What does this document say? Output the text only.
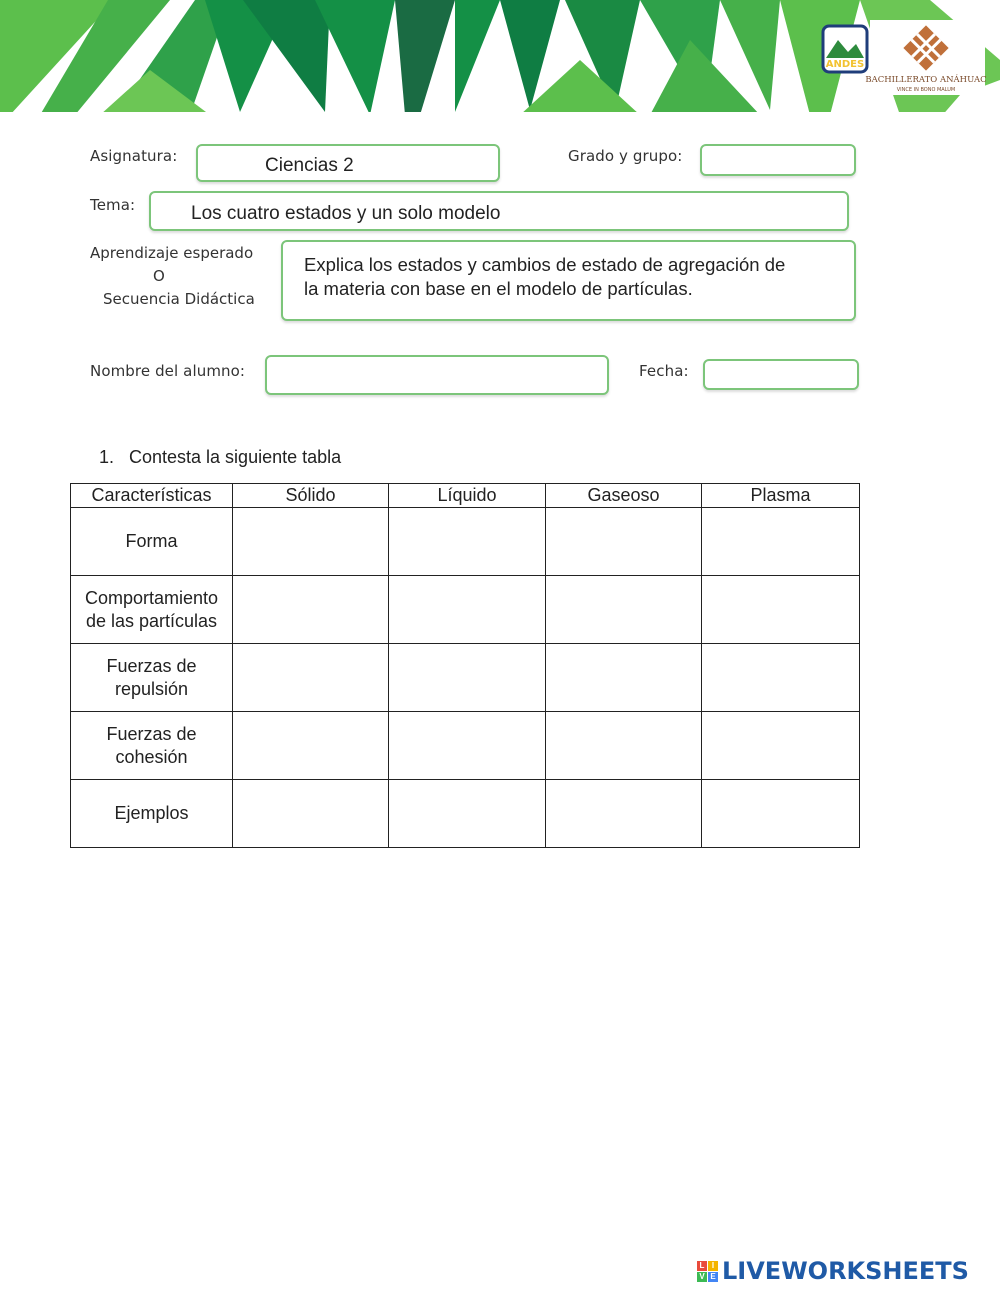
ANDES
BACHILLERATO ANÁHUAC
VINCE IN BONO MALUM
Asignatura:	Ciencias 2	Grado y grupo:
Tema:	Los cuatro estados y un solo modelo
Aprendizaje esperado
O
Secuencia Didáctica
Explica los estados y cambios de estado de agregación de
la materia con base en el modelo de partículas.
Nombre del alumno:	Fecha:
1. Contesta la siguiente tabla
Características	Sólido	Líquido	Gaseoso	Plasma

Forma				

Comportamiento
de las partículas				

Fuerzas de
repulsión				

Fuerzas de
cohesión				

Ejemplos				

L I
V E LIVEWORKSHEETS
